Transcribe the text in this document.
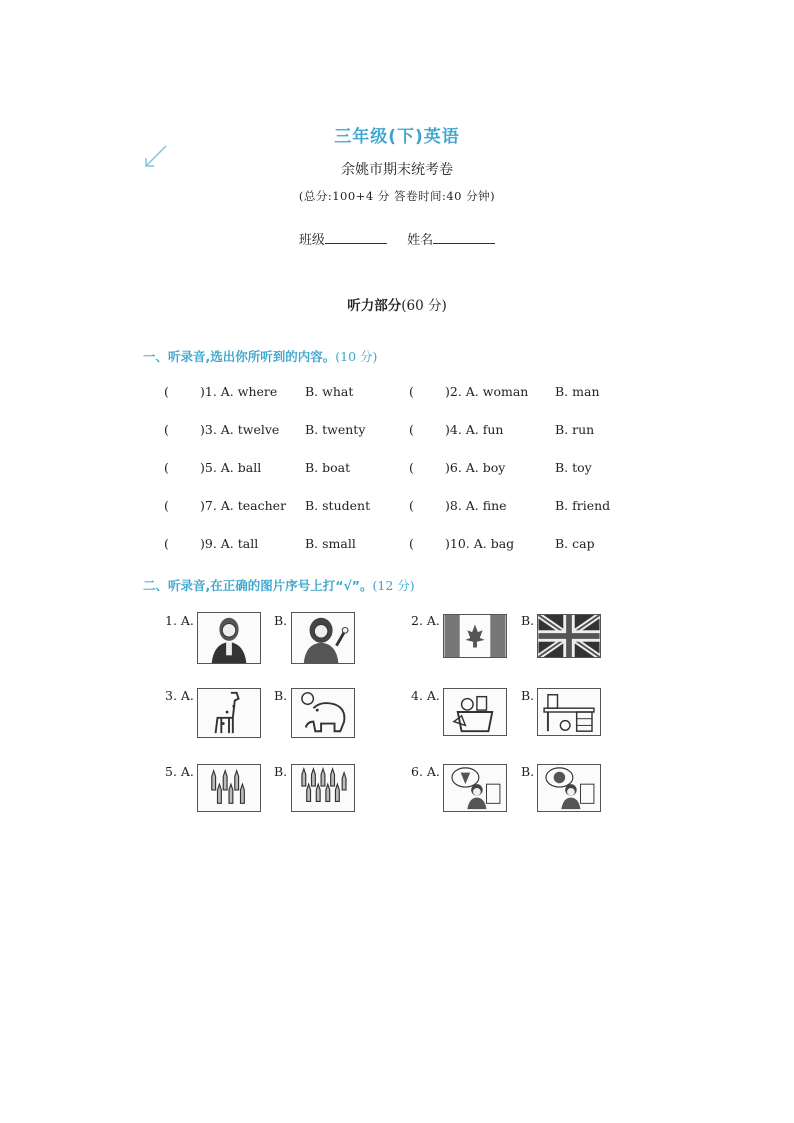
三年级(下)英语
余姚市期末统考卷
(总分:100+4 分 答卷时间:40 分钟)
班级	姓名
听力部分(60 分)
一、听录音,选出你所听到的内容。(10 分)
( )1. A. where B. what	( )2. A. woman B. man
( )3. A. twelve B. twenty	( )4. A. fun	B. run
( )5. A. ball	B. boat	( )6. A. boy	B. toy
( )7. A. teacher B. student	( )8. A. fine	B. friend
( )9. A. tall	B. small	( )10. A. bag	B. cap
二、听录音,在正确的图片序号上打“√”。(12 分)
1. A.	B.	2. A.	B.
3. A.	B.	4. A.	B.
5. A.	B.	6. A.	B.
